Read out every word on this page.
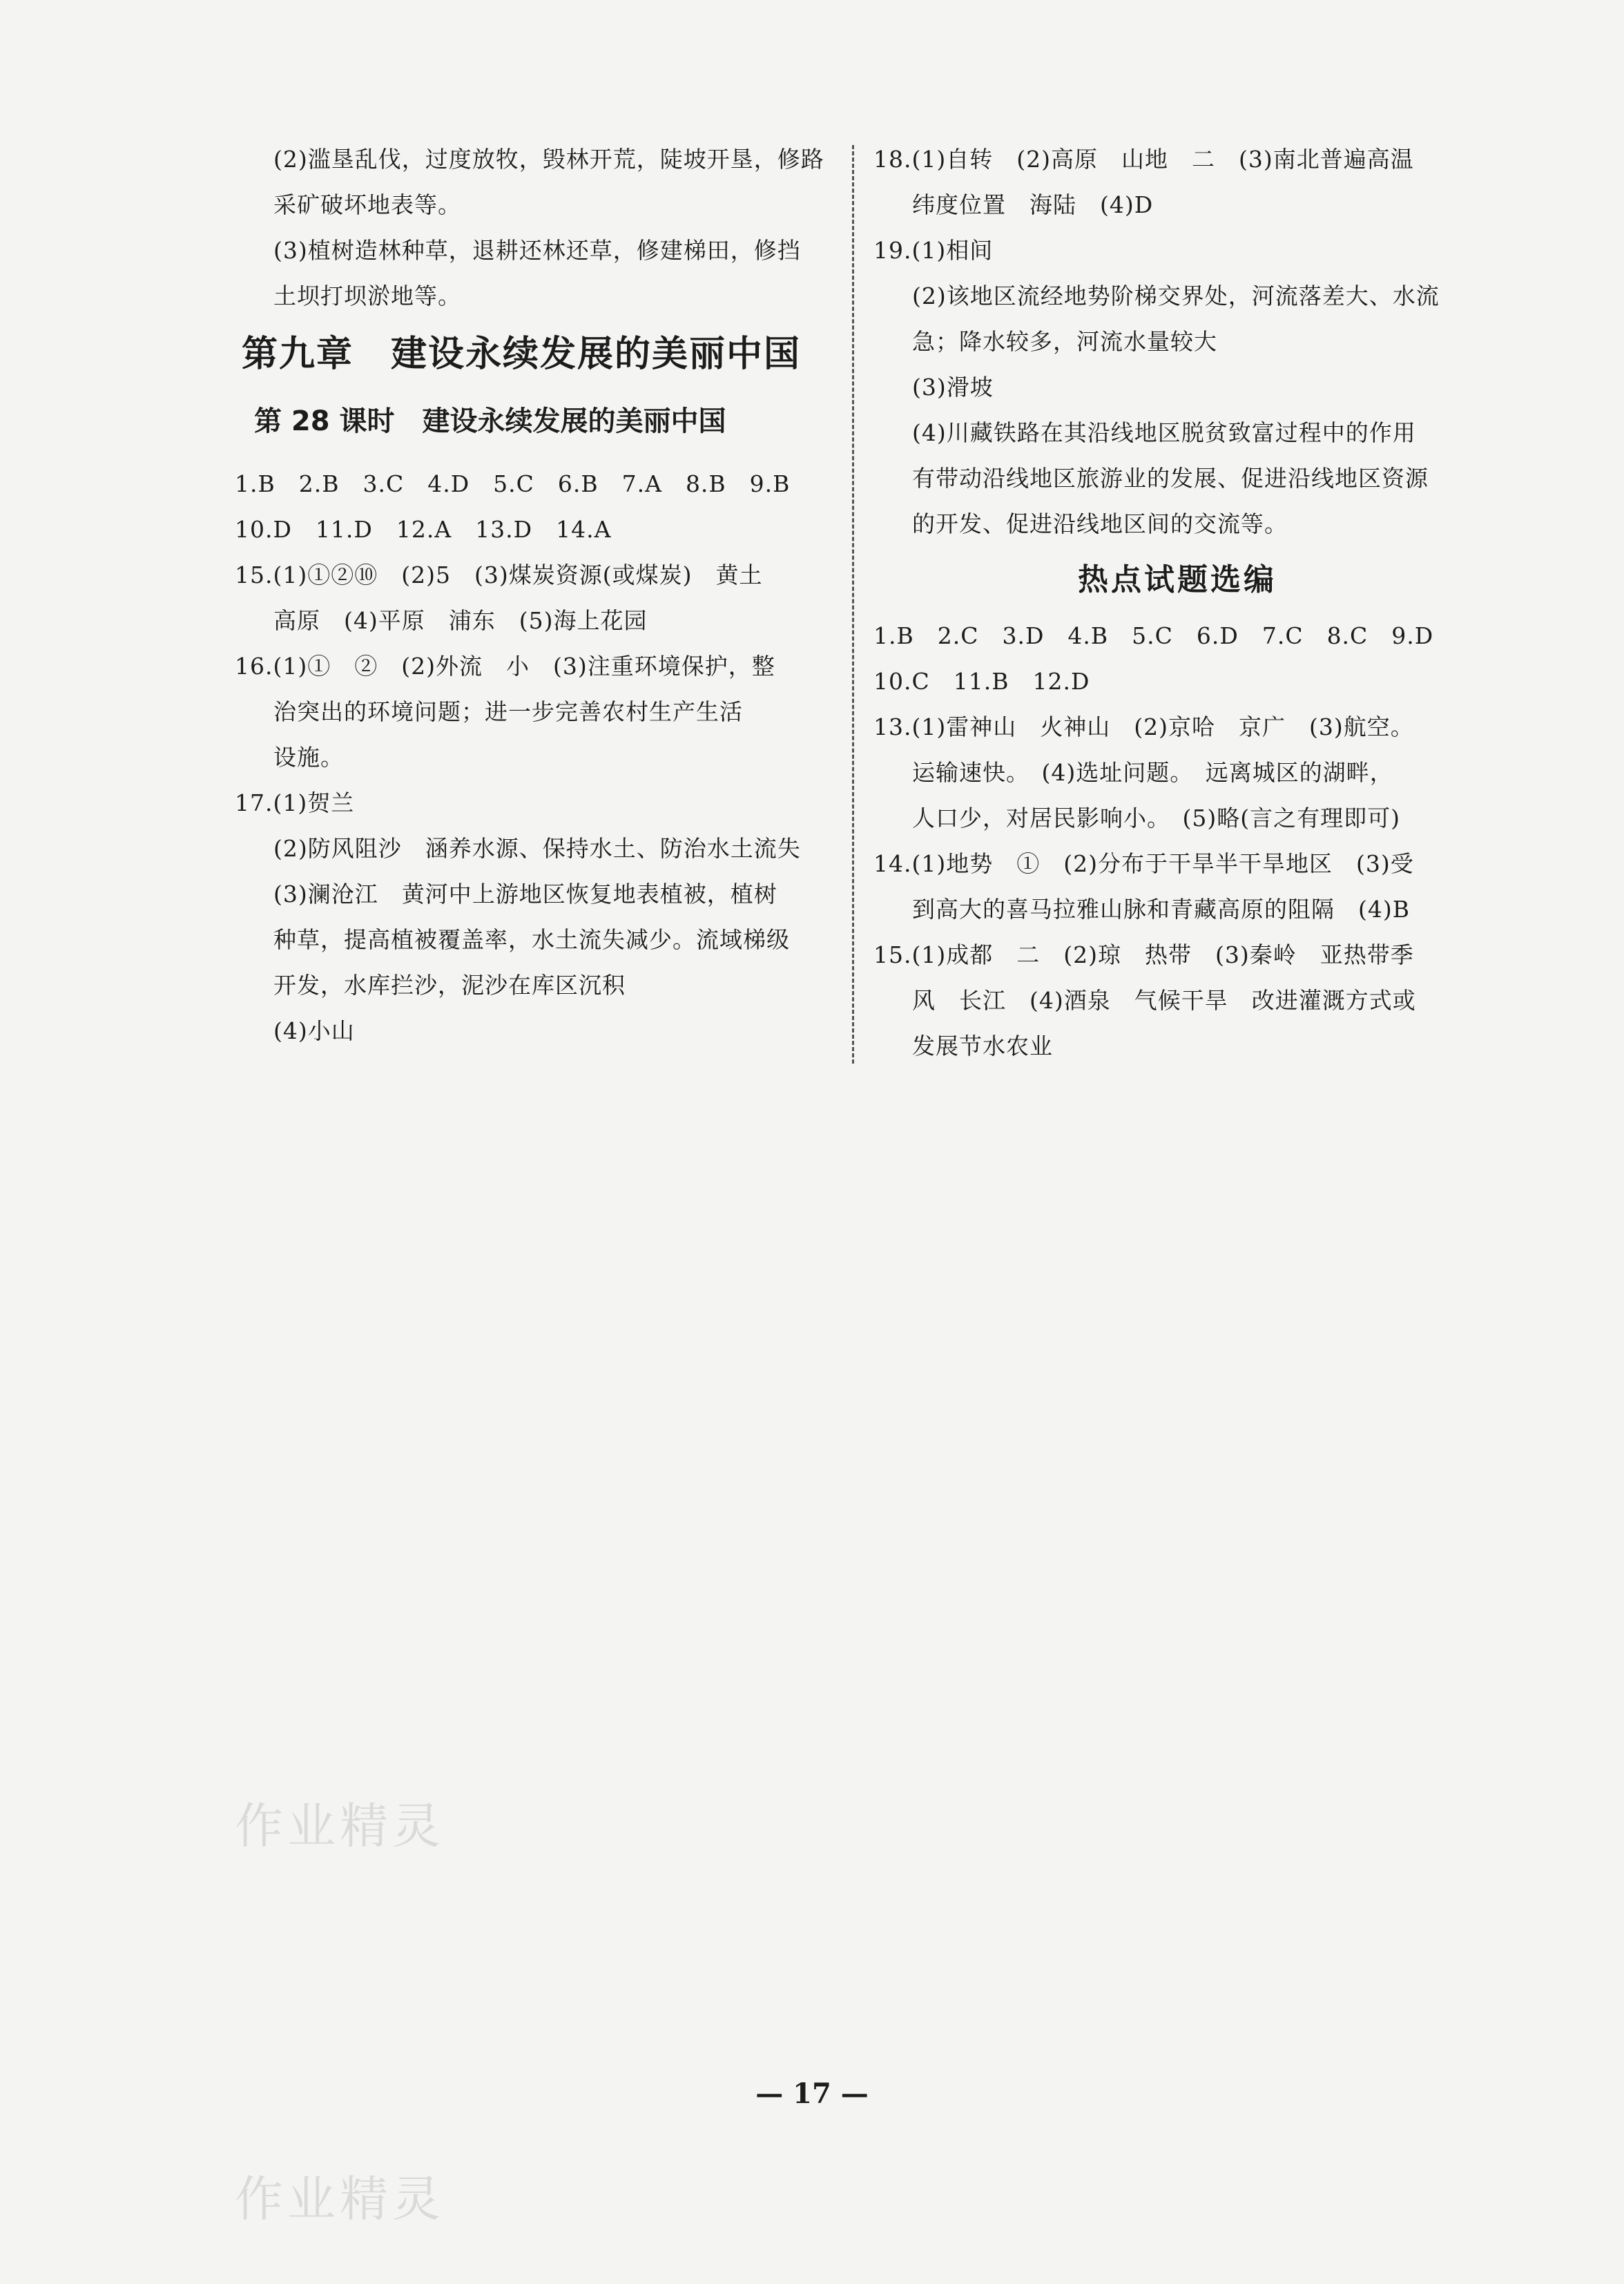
(2)滥垦乱伐，过度放牧，毁林开荒，陡坡开垦，修路
采矿破坏地表等。
(3)植树造林种草，退耕还林还草，修建梯田，修挡
土坝打坝淤地等。
第九章　建设永续发展的美丽中国
第 28 课时　建设永续发展的美丽中国
1.B　2.B　3.C　4.D　5.C　6.B　7.A　8.B　9.B
10.D　11.D　12.A　13.D　14.A
15.(1)①②⑩　(2)5　(3)煤炭资源(或煤炭)　黄土
高原　(4)平原　浦东　(5)海上花园
16.(1)①　②　(2)外流　小　(3)注重环境保护，整
治突出的环境问题；进一步完善农村生产生活
设施。
17.(1)贺兰
(2)防风阻沙　涵养水源、保持水土、防治水土流失
(3)澜沧江　黄河中上游地区恢复地表植被，植树
种草，提高植被覆盖率，水土流失减少。流域梯级
开发，水库拦沙，泥沙在库区沉积
(4)小山
18.(1)自转　(2)高原　山地　二　(3)南北普遍高温
纬度位置　海陆　(4)D
19.(1)相间
(2)该地区流经地势阶梯交界处，河流落差大、水流
急；降水较多，河流水量较大
(3)滑坡
(4)川藏铁路在其沿线地区脱贫致富过程中的作用
有带动沿线地区旅游业的发展、促进沿线地区资源
的开发、促进沿线地区间的交流等。
热点试题选编
1.B　2.C　3.D　4.B　5.C　6.D　7.C　8.C　9.D
10.C　11.B　12.D
13.(1)雷神山　火神山　(2)京哈　京广　(3)航空。
运输速快。　(4)选址问题。　远离城区的湖畔，
人口少，对居民影响小。　(5)略(言之有理即可)
14.(1)地势　①　(2)分布于干旱半干旱地区　(3)受
到高大的喜马拉雅山脉和青藏高原的阻隔　(4)B
15.(1)成都　二　(2)琼　热带　(3)秦岭　亚热带季
风　长江　(4)酒泉　气候干旱　改进灌溉方式或
发展节水农业
— 17 —
作业精灵
作业精灵
